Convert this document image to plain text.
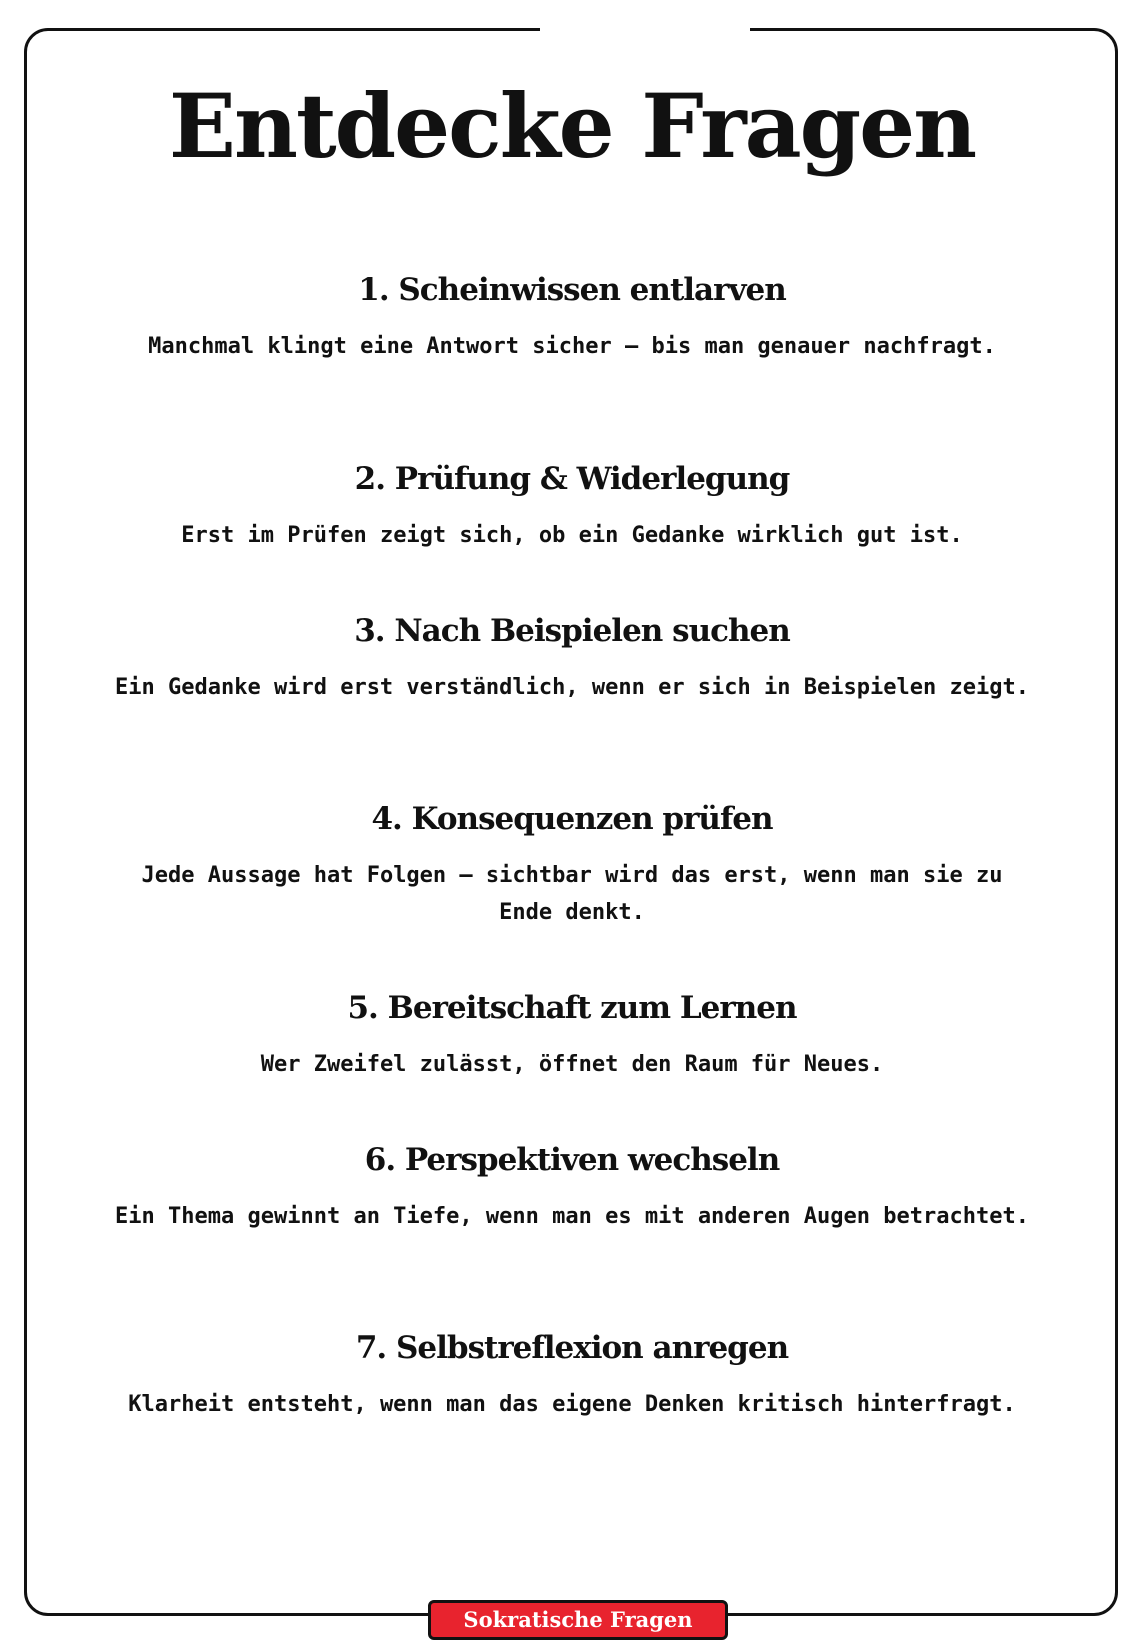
Entdecke Fragen
1. Scheinwissen entlarven

Manchmal klingt eine Antwort sicher – bis man genauer nachfragt.

2. Prüfung & Widerlegung

Erst im Prüfen zeigt sich, ob ein Gedanke wirklich gut ist.

3. Nach Beispielen suchen

Ein Gedanke wird erst verständlich, wenn er sich in Beispielen zeigt.

4. Konsequenzen prüfen

Jede Aussage hat Folgen – sichtbar wird das erst, wenn man sie zu Ende denkt.

5. Bereitschaft zum Lernen

Wer Zweifel zulässt, öffnet den Raum für Neues.

6. Perspektiven wechseln

Ein Thema gewinnt an Tiefe, wenn man es mit anderen Augen betrachtet.

7. Selbstreflexion anregen

Klarheit entsteht, wenn man das eigene Denken kritisch hinterfragt.

Sokratische Fragen
